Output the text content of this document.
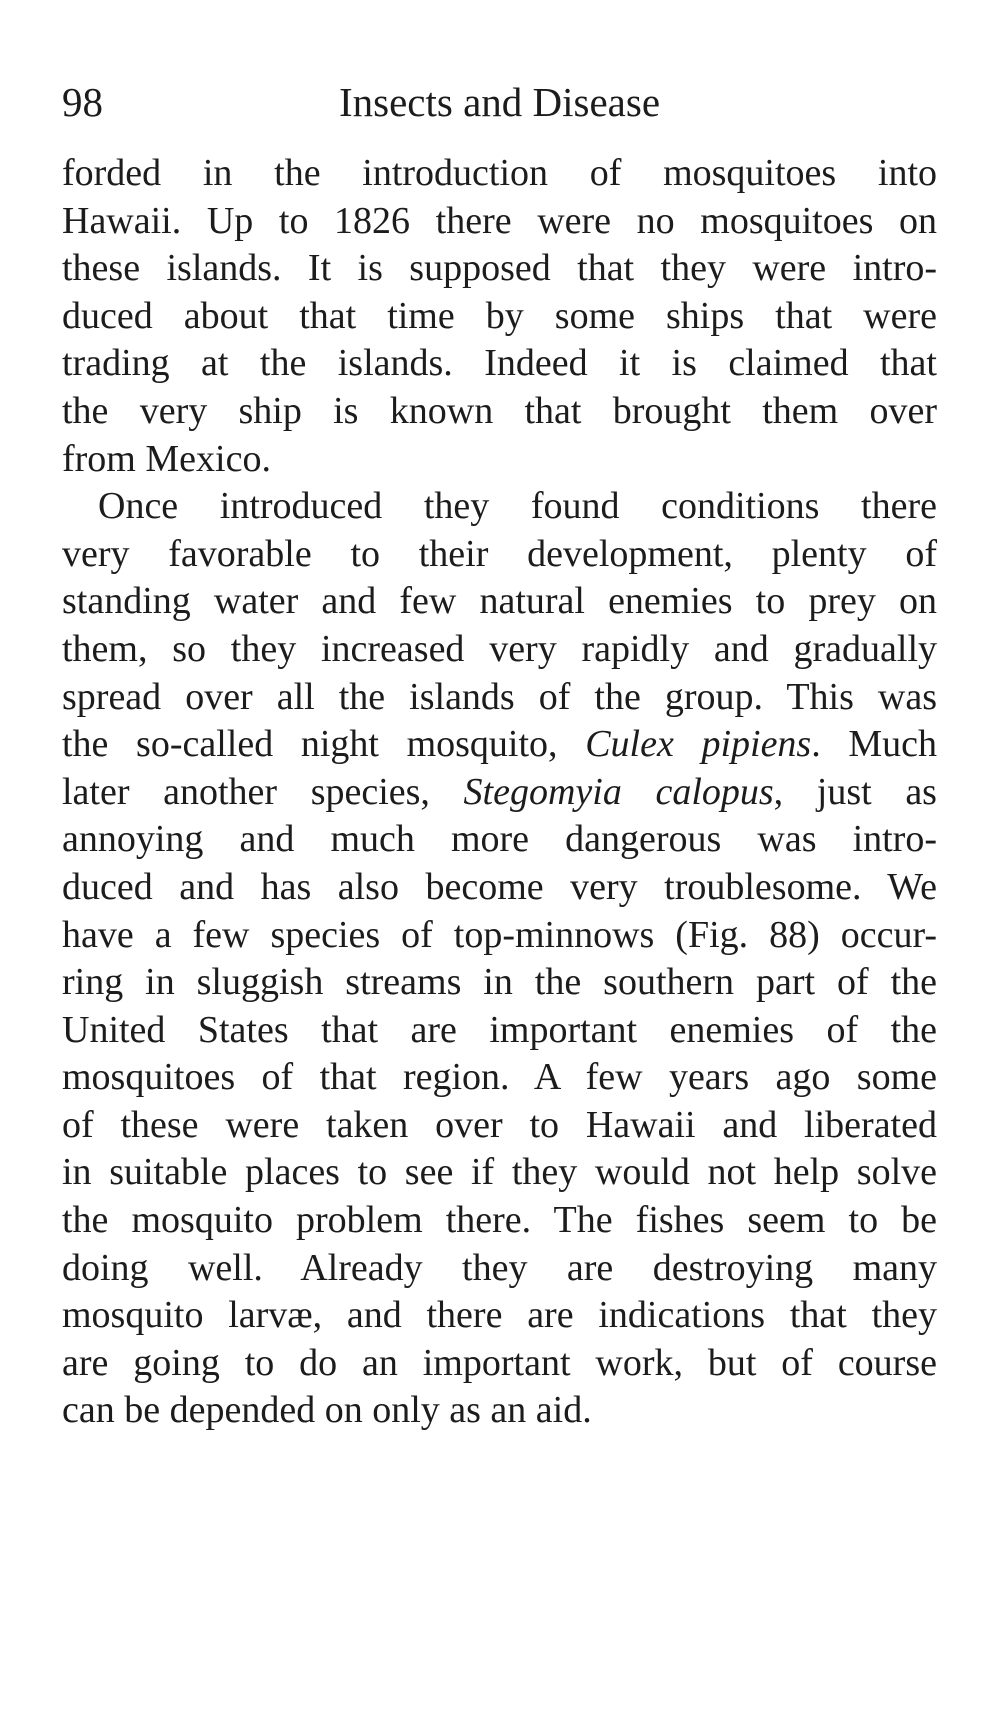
98	Insects and Disease
forded in the introduction of mosquitoes into
Hawaii. Up to 1826 there were no mosquitoes on
these islands. It is supposed that they were intro-
duced about that time by some ships that were
trading at the islands. Indeed it is claimed that
the very ship is known that brought them over
from Mexico.
Once introduced they found conditions there
very favorable to their development, plenty of
standing water and few natural enemies to prey on
them, so they increased very rapidly and gradually
spread over all the islands of the group. This was
the so-called night mosquito, Culex pipiens. Much
later another species, Stegomyia calopus, just as
annoying and much more dangerous was intro-
duced and has also become very troublesome. We
have a few species of top-minnows (Fig. 88) occur-
ring in sluggish streams in the southern part of the
United States that are important enemies of the
mosquitoes of that region. A few years ago some
of these were taken over to Hawaii and liberated
in suitable places to see if they would not help solve
the mosquito problem there. The fishes seem to be
doing well. Already they are destroying many
mosquito larvæ, and there are indications that they
are going to do an important work, but of course
can be depended on only as an aid.
